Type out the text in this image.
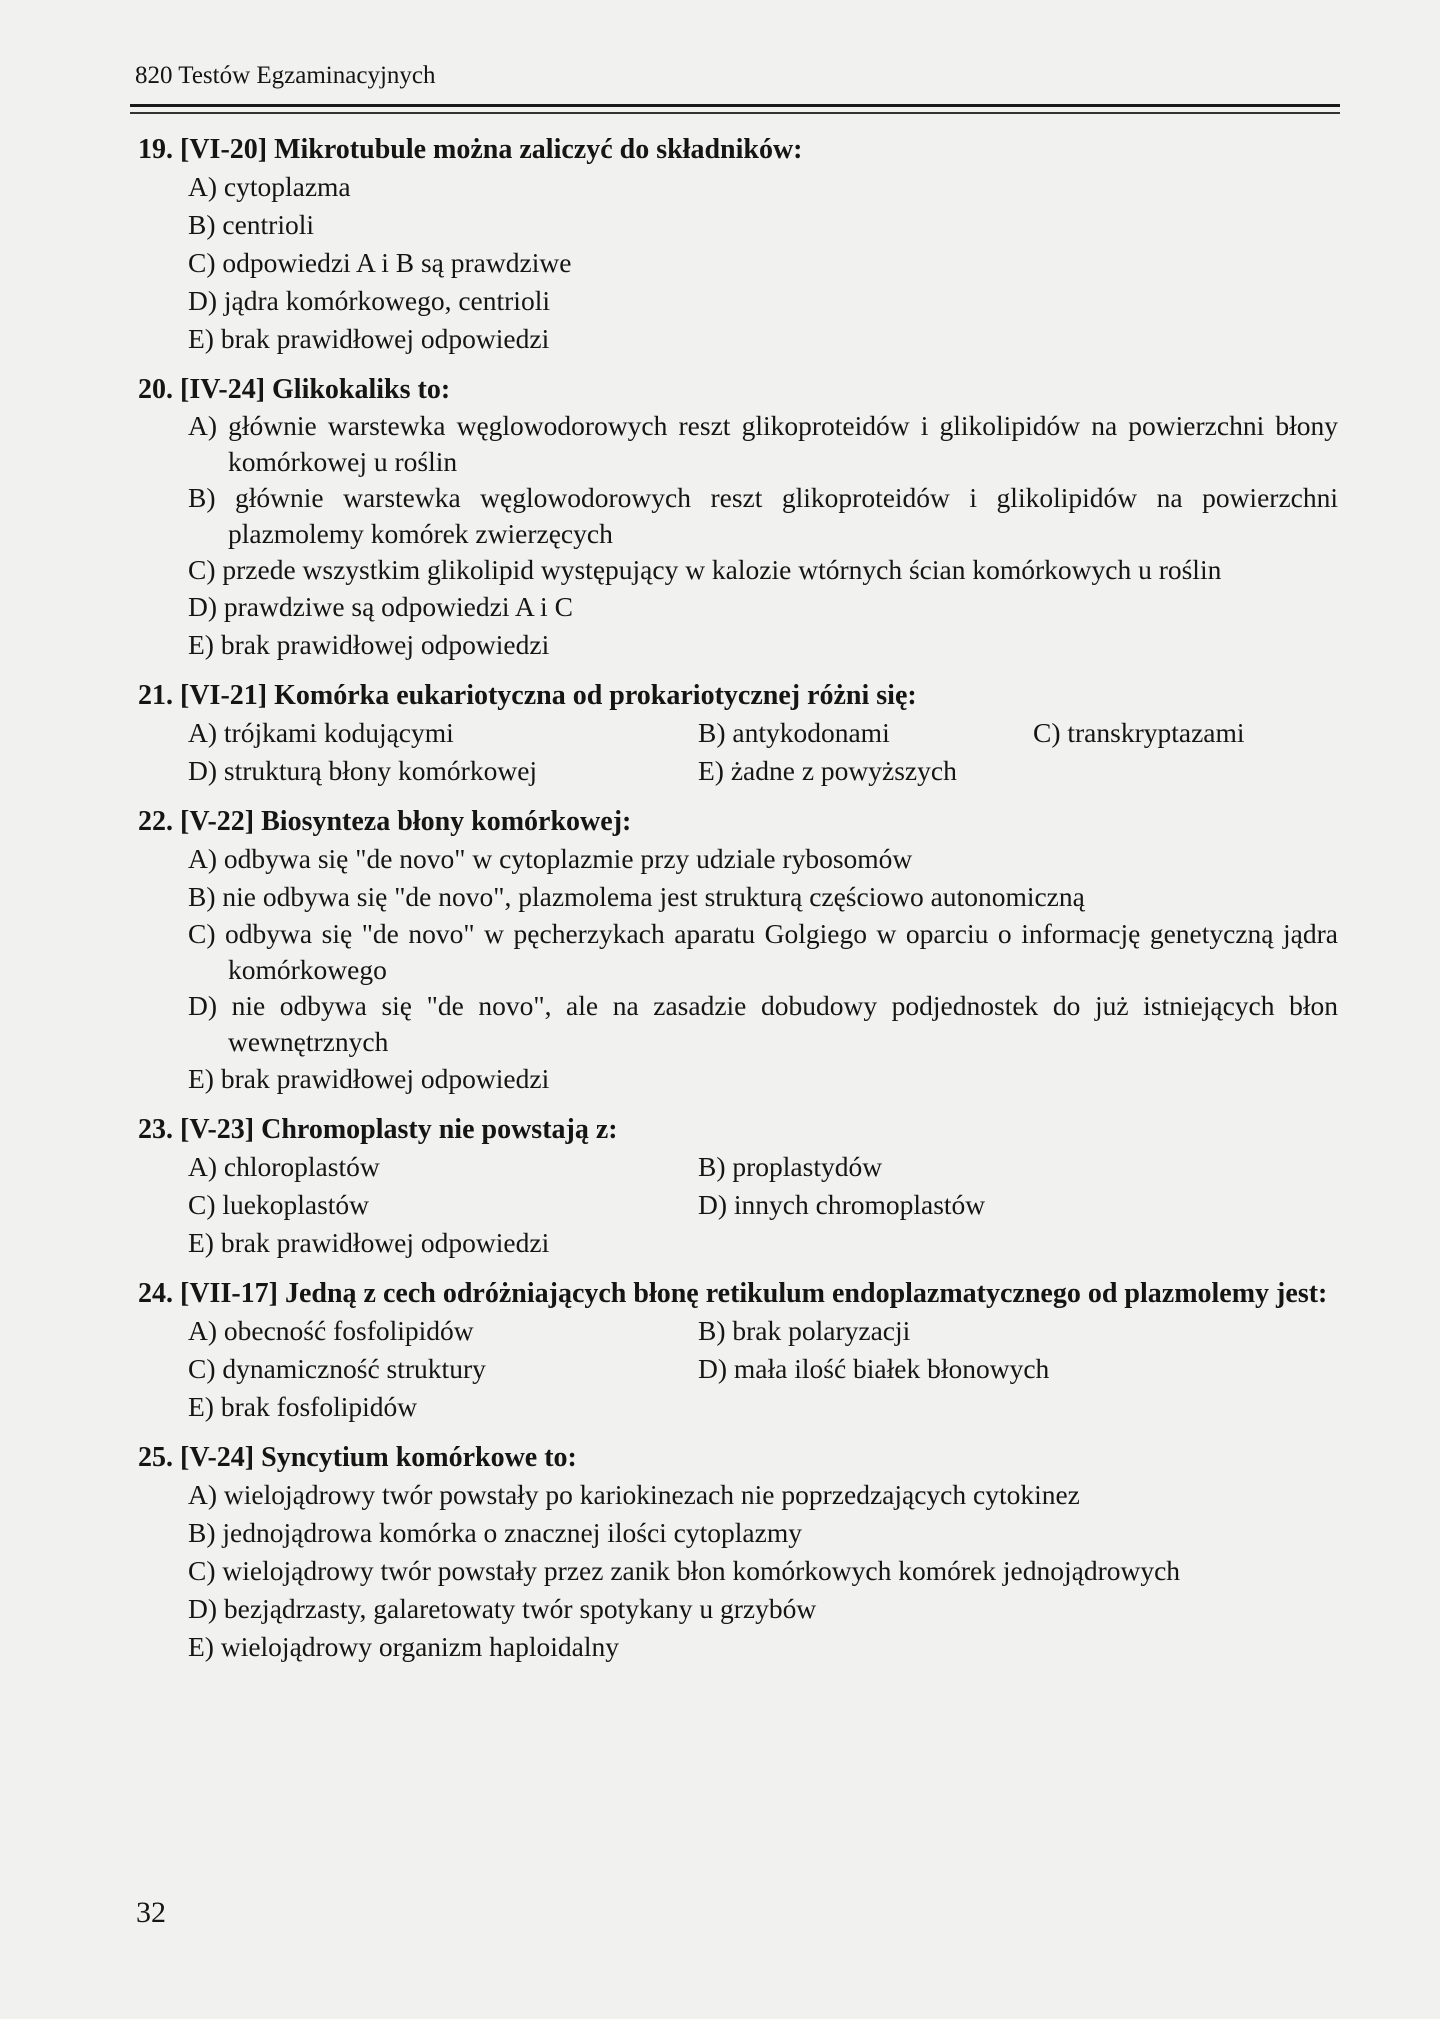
820 Testów Egzaminacyjnych
19. [VI-20] Mikrotubule można zaliczyć do składników:
A) cytoplazma
B) centrioli
C) odpowiedzi A i B są prawdziwe
D) jądra komórkowego, centrioli
E) brak prawidłowej odpowiedzi
20. [IV-24] Glikokaliks to:
A) głównie warstewka węglowodorowych reszt glikoproteidów i glikolipidów na powierzchni błony komórkowej u roślin
B) głównie warstewka węglowodorowych reszt glikoproteidów i glikolipidów na powierzchni plazmolemy komórek zwierzęcych
C) przede wszystkim glikolipid występujący w kalozie wtórnych ścian komórkowych u roślin
D) prawdziwe są odpowiedzi A i C
E) brak prawidłowej odpowiedzi
21. [VI-21] Komórka eukariotyczna od prokariotycznej różni się:
A) trójkami kodującymi	B) antykodonami	C) transkryptazami
D) strukturą błony komórkowej	E) żadne z powyższych
22. [V-22] Biosynteza błony komórkowej:
A) odbywa się "de novo" w cytoplazmie przy udziale rybosomów
B) nie odbywa się "de novo", plazmolema jest strukturą częściowo autonomiczną
C) odbywa się "de novo" w pęcherzykach aparatu Golgiego w oparciu o informację genetyczną jądra komórkowego
D) nie odbywa się "de novo", ale na zasadzie dobudowy podjednostek do już istniejących błon wewnętrznych
E) brak prawidłowej odpowiedzi
23. [V-23] Chromoplasty nie powstają z:
A) chloroplastów	B) proplastydów
C) luekoplastów	D) innych chromoplastów
E) brak prawidłowej odpowiedzi
24. [VII-17] Jedną z cech odróżniających błonę retikulum endoplazmatycznego od plazmolemy jest:
A) obecność fosfolipidów	B) brak polaryzacji
C) dynamiczność struktury	D) mała ilość białek błonowych
E) brak fosfolipidów
25. [V-24] Syncytium komórkowe to:
A) wielojądrowy twór powstały po kariokinezach nie poprzedzających cytokinez
B) jednojądrowa komórka o znacznej ilości cytoplazmy
C) wielojądrowy twór powstały przez zanik błon komórkowych komórek jednojądrowych
D) bezjądrzasty, galaretowaty twór spotykany u grzybów
E) wielojądrowy organizm haploidalny
32
